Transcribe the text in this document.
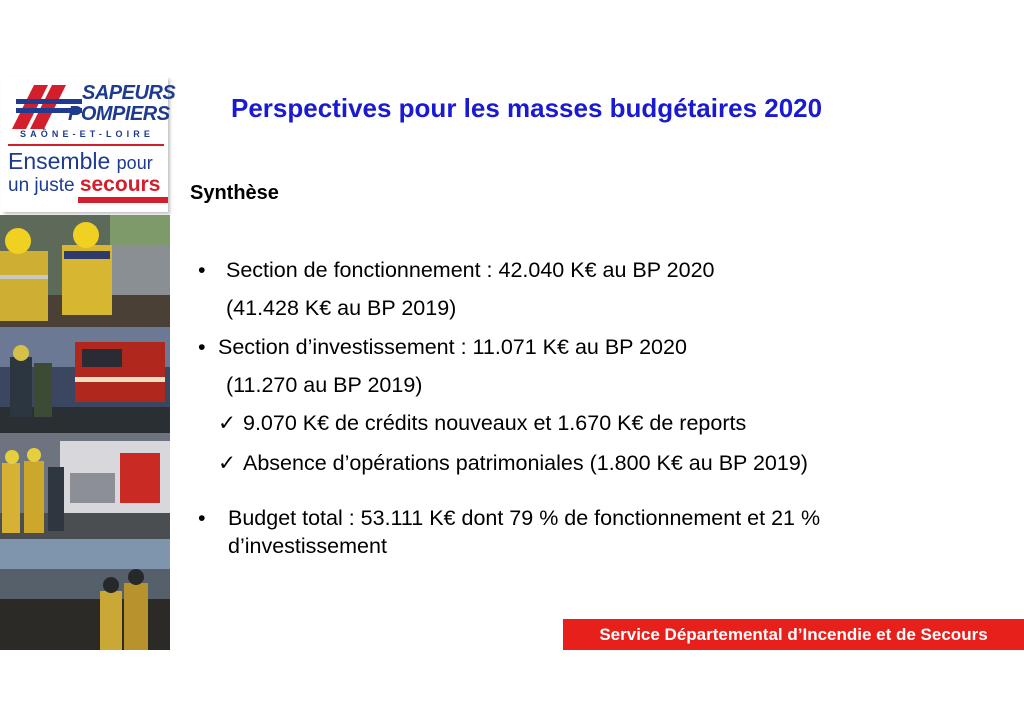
SAPEURS
POMPIERS
SAÔNE-ET-LOIRE
Ensemble pour
un juste secours
Perspectives pour les masses budgétaires 2020
Synthèse
• Section de fonctionnement : 42.040 K€ au BP 2020
(41.428 K€ au BP 2019)
• Section d’investissement : 11.071 K€ au BP 2020
(11.270 au BP 2019)
✓ 9.070 K€ de crédits nouveaux et 1.670 K€ de reports
✓ Absence d’opérations patrimoniales (1.800 K€ au BP 2019)
• Budget total : 53.111 K€ dont 79 % de fonctionnement et 21 %
d’investissement
Service Départemental d’Incendie et de Secours
